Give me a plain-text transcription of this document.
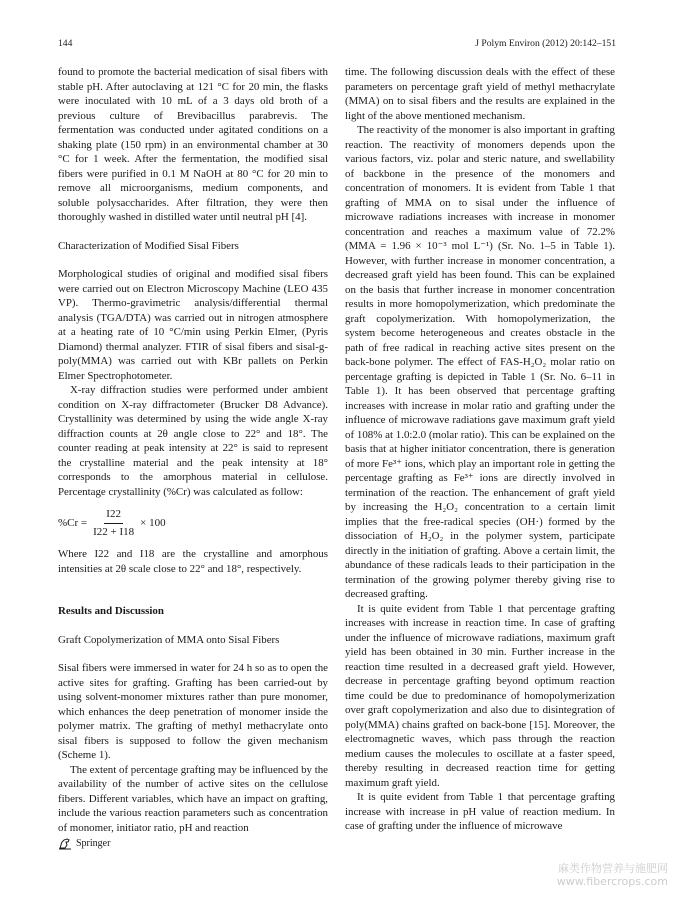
144	J Polym Environ (2012) 20:142–151

found to promote the bacterial medication of sisal fibers with stable pH. After autoclaving at 121 °C for 20 min, the flasks were inoculated with 10 mL of a 3 days old broth of a previous culture of Brevibacillus parabrevis. The fermentation was conducted under agitated conditions on a shaking plate (150 rpm) in an environmental chamber at 30 °C for 1 week. After the fermentation, the modified sisal fibers were purified in 0.1 M NaOH at 80 °C for 20 min to remove all microorganisms, medium components, and soluble polysaccharides. After filtration, they were then thoroughly washed in distilled water until neutral pH [4].

Characterization of Modified Sisal Fibers

Morphological studies of original and modified sisal fibers were carried out on Electron Microscopy Machine (LEO 435 VP). Thermo-gravimetric analysis/differential thermal analysis (TGA/DTA) was carried out in nitrogen atmosphere at a heating rate of 10 °C/min using Perkin Elmer, (Pyris Diamond) thermal analyzer. FTIR of sisal fibers and sisal-g-poly(MMA) was carried out with KBr pallets on Perkin Elmer Spectrophotometer.

X-ray diffraction studies were performed under ambient condition on X-ray diffractometer (Brucker D8 Advance). Crystallinity was determined by using the wide angle X-ray diffraction counts at 2θ angle close to 22° and 18°. The counter reading at peak intensity at 22° is said to represent the crystalline material and the peak intensity at 18° corresponds to the amorphous material in cellulose. Percentage crystallinity (%Cr) was calculated as follow:

$\%Cr = \frac{I22}{I22 + I18} \times 100$

Where I22 and I18 are the crystalline and amorphous intensities at 2θ scale close to 22° and 18°, respectively.

Results and Discussion

Graft Copolymerization of MMA onto Sisal Fibers

Sisal fibers were immersed in water for 24 h so as to open the active sites for grafting. Grafting has been carried-out by using solvent-monomer mixtures rather than pure monomer, which enhances the deep penetration of monomer inside the polymer matrix. The grafting of methyl methacrylate onto sisal fibers is supposed to follow the given mechanism (Scheme 1).

The extent of percentage grafting may be influenced by the availability of the number of active sites on the cellulose fibers. Different variables, which have an impact on grafting, include the various reaction parameters such as concentration of monomer, initiator ratio, pH and reaction

time. The following discussion deals with the effect of these parameters on percentage graft yield of methyl methacrylate (MMA) on to sisal fibers and the results are explained in the light of the above mentioned mechanism.

The reactivity of the monomer is also important in grafting reaction. The reactivity of monomers depends upon the various factors, viz. polar and steric nature, and swellability of backbone in the presence of the monomers and concentration of monomers. It is evident from Table 1 that grafting of MMA on to sisal under the influence of microwave radiations increases with increase in monomer concentration and reaches a maximum value of 72.2% (MMA = 1.96 × 10⁻³ mol L⁻¹) (Sr. No. 1–5 in Table 1). However, with further increase in monomer concentration, a decreased graft yield has been found. This can be explained on the basis that further increase in monomer concentration results in more homopolymerization, which predominate the graft copolymerization. With homopolymerization, the system become heterogeneous and creates obstacle in the path of free radical in reaching active sites present on the back-bone polymer. The effect of FAS-H₂O₂ molar ratio on percentage grafting is depicted in Table 1 (Sr. No. 6–11 in Table 1). It has been observed that percentage grafting increases with increase in molar ratio and grafting under the influence of microwave radiations gave maximum graft yield of 108% at 1.0:2.0 (molar ratio). This can be explained on the basis that at higher initiator concentration, there is generation of more Fe³⁺ ions, which play an important role in getting the percentage grafting as Fe³⁺ ions are directly involved in termination of the reaction. The enhancement of graft yield by increasing the H₂O₂ concentration to a certain limit implies that the free-radical species (OH·) formed by the dissociation of H₂O₂ in the polymer system, participate directly in the initiation of grafting. Above a certain limit, the abundance of these radicals leads to their participation in the termination of the growing polymer thereby giving rise to decreased grafting.

It is quite evident from Table 1 that percentage grafting increases with increase in reaction time. In case of grafting under the influence of microwave radiations, maximum graft yield has been obtained in 30 min. Further increase in the reaction time resulted in a decreased graft yield. However, decrease in percentage grafting beyond optimum reaction time could be due to predominance of homopolymerization over graft copolymerization and also due to disintegration of poly(MMA) chains grafted on back-bone [15]. Moreover, the electromagnetic waves, which pass through the reaction medium causes the molecules to oscillate at a faster speed, thereby resulting in decreased reaction time for getting maximum graft yield.

It is quite evident from Table 1 that percentage grafting increase with increase in pH value of reaction medium. In case of grafting under the influence of microwave

Springer
麻类作物营养与施肥网
www.fibercrops.com
